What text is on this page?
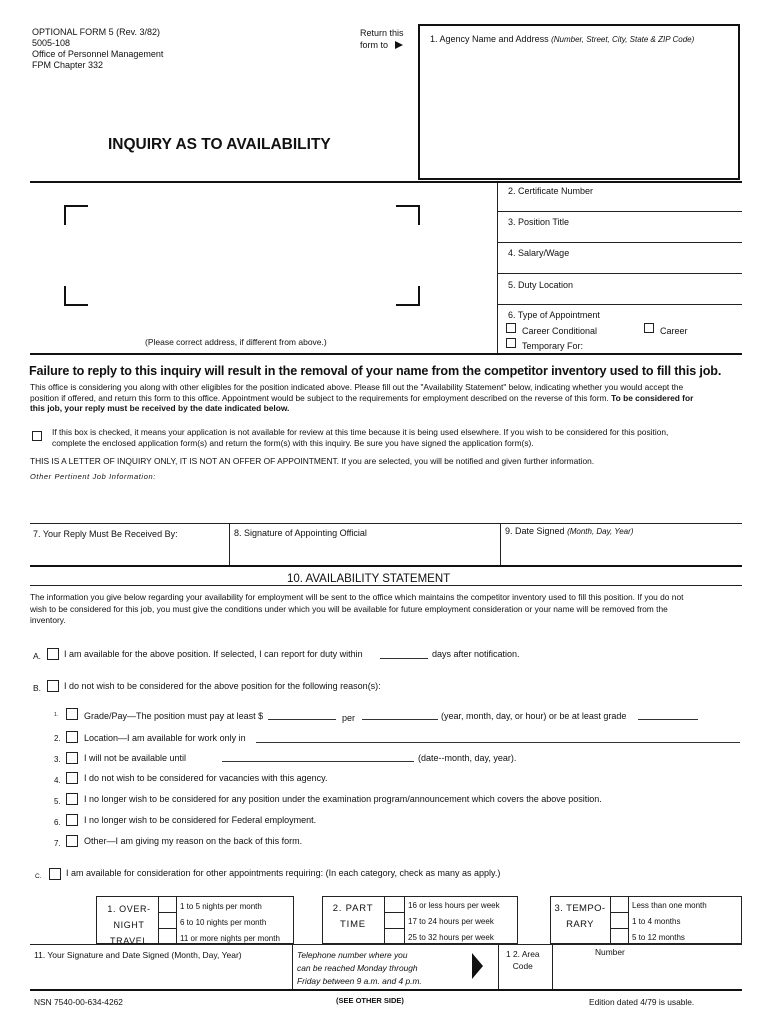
OPTIONAL FORM 5 (Rev. 3/82)
5005-108
Office of Personnel Management
FPM Chapter 332
Return this
form to
1. Agency Name and Address (Number, Street, City, State & ZIP Code)
INQUIRY AS TO AVAILABILITY
(Please correct address, if different from above.)
2. Certificate Number
3. Position Title
4. Salary/Wage
5. Duty Location
6. Type of Appointment
Career Conditional	Career
Temporary For:
Failure to reply to this inquiry will result in the removal of your name from the competitor inventory used to fill this job.
This office is considering you along with other eligibles for the position indicated above. Please fill out the "Availability Statement" below, indicating whether you would accept the
position if offered, and return this form to this office. Appointment would be subject to the requirements for employment described on the reverse of this form. To be considered for
this job, your reply must be received by the date indicated below.
If this box is checked, it means your application is not available for review at this time because it is being used elsewhere. If you wish to be considered for this position,
complete the enclosed application form(s) and return the form(s) with this inquiry. Be sure you have signed the application form(s).
THIS IS A LETTER OF INQUIRY ONLY, IT IS NOT AN OFFER OF APPOINTMENT. If you are selected, you will be notified and given further information.
Other Pertinent Job Information:
7. Your Reply Must Be Received By:	8. Signature of Appointing Official	9. Date Signed (Month, Day, Year)
10. AVAILABILITY STATEMENT
The information you give below regarding your availability for employment will be sent to the office which maintains the competitor inventory used to fill this position. If you do not
wish to be considered for this job, you must give the conditions under which you will be available for future employment consideration or your name will be removed from the
inventory.
A.	I am available for the above position. If selected, I can report for duty within	days after notification.
B.	I do not wish to be considered for the above position for the following reason(s):
1.	Grade/Pay—The position must pay at least $	per	(year, month, day, or hour) or be at least grade
2.	Location—I am available for work only in
3.	I will not be available until	(date--month, day, year).
4.	I do not wish to be considered for vacancies with this agency.
5.	I no longer wish to be considered for any position under the examination program/announcement which covers the above position.
6.	I no longer wish to be considered for Federal employment.
7.	Other—I am giving my reason on the back of this form.
C.	I am available for consideration for other appointments requiring: (In each category, check as many as apply.)
1. OVER-
NIGHT
TRAVEL
1 to 5 nights per month
6 to 10 nights per month
11 or more nights per month
2. PART
TIME
16 or less hours per week
17 to 24 hours per week
25 to 32 hours per week
3. TEMPO-
RARY
Less than one month
1 to 4 months
5 to 12 months
11. Your Signature and Date Signed (Month, Day, Year)	Telephone number where you
can be reached Monday through
Friday between 9 a.m. and 4 p.m.
1 2. Area
Code
Number
NSN 7540-00-634-4262	(SEE OTHER SIDE)	Edition dated 4/79 is usable.
